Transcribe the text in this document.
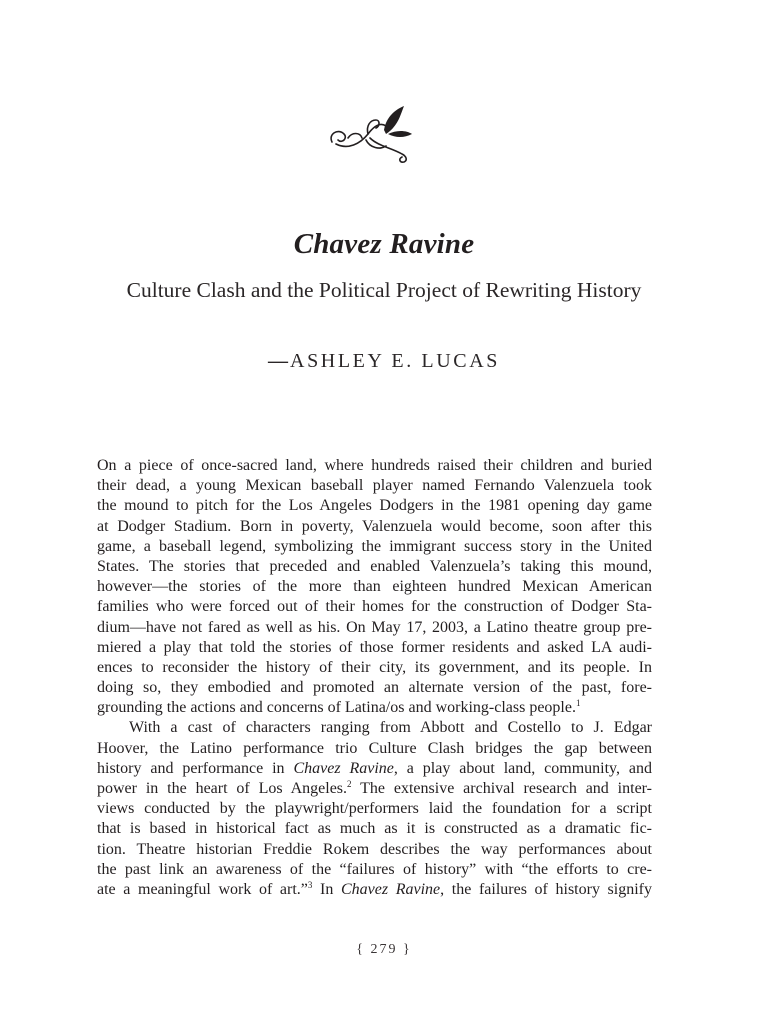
Chavez Ravine
Culture Clash and the Political Project of Rewriting History
— ASHLEY E. LUCAS
On a piece of once-sacred land, where hundreds raised their children and buried
their dead, a young Mexican baseball player named Fernando Valenzuela took
the mound to pitch for the Los Angeles Dodgers in the 1981 opening day game
at Dodger Stadium. Born in poverty, Valenzuela would become, soon after this
game, a baseball legend, symbolizing the immigrant success story in the United
States. The stories that preceded and enabled Valenzuela’s taking this mound,
however—the stories of the more than eighteen hundred Mexican American
families who were forced out of their homes for the construction of Dodger Sta-
dium—have not fared as well as his. On May 17, 2003, a Latino theatre group pre-
miered a play that told the stories of those former residents and asked LA audi-
ences to reconsider the history of their city, its government, and its people. In
doing so, they embodied and promoted an alternate version of the past, fore-
grounding the actions and concerns of Latina/os and working-class people.$^1$
With a cast of characters ranging from Abbott and Costello to J. Edgar
Hoover, the Latino performance trio Culture Clash bridges the gap between
history and performance in Chavez Ravine, a play about land, community, and
power in the heart of Los Angeles.$^2$ The extensive archival research and inter-
views conducted by the playwright/performers laid the foundation for a script
that is based in historical fact as much as it is constructed as a dramatic fic-
tion. Theatre historian Freddie Rokem describes the way performances about
the past link an awareness of the “failures of history” with “the efforts to cre-
ate a meaningful work of art.”$^3$ In Chavez Ravine, the failures of history signify
{ 279 }
